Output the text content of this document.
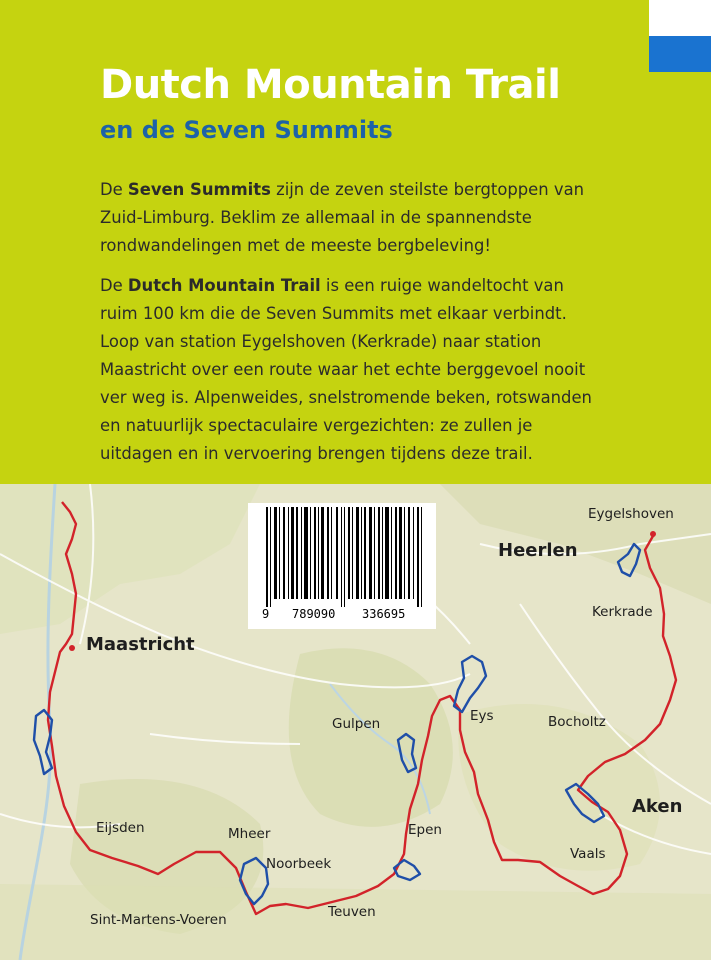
Dutch Mountain Trail
en de Seven Summits

De Seven Summits zijn de zeven steilste bergtoppen van Zuid-Limburg. Beklim ze allemaal in de spannendste rondwandelingen met de meeste bergbeleving!

De Dutch Mountain Trail is een ruige wandeltocht van ruim 100 km die de Seven Summits met elkaar verbindt. Loop van station Eygelshoven (Kerkrade) naar station Maastricht over een route waar het echte berggevoel nooit ver weg is. Alpenweides, snelstromende beken, rotswanden en natuurlijk spectaculaire vergezichten: ze zullen je uitdagen en in vervoering brengen tijdens deze trail.

9 789090 336695
Eygelshoven
Heerlen
Kerkrade
Maastricht
Gulpen	Eys	Bocholtz
Aken
Eijsden	Mheer	Epen
Noorbeek
Vaals
Sint-Martens-Voeren	Teuven
